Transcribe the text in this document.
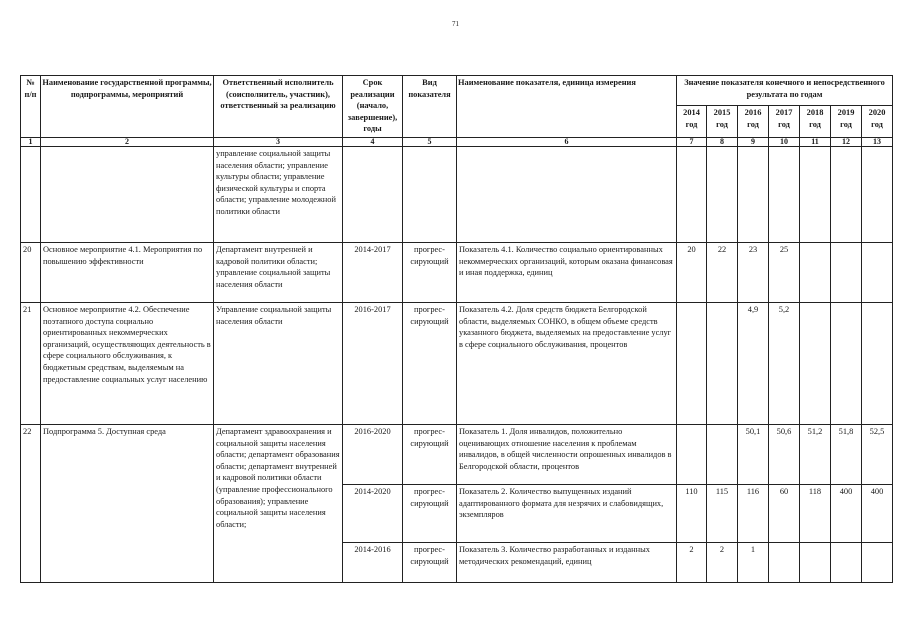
71
№ п/п	Наименование государственной программы, подпрограммы, мероприятий	Ответственный исполнитель (соисполнитель, участник), ответственный за реализацию	Срок реализации (начало, завершение), годы	Вид показателя	Наименование показателя, единица измерения	Значение показателя конечного и непосредственного результата по годам						
						2014 год	2015 год	2016 год	2017 год	2018 год	2019 год	2020 год
1	2	3	4	5	6	7	8	9	10	11	12	13
		управление социальной защиты населения области; управление культуры области; управление физической культуры и спорта области; управление молодежной политики области										
20	Основное мероприятие 4.1. Мероприятия по повышению эффективности	Департамент внутренней и кадровой политики области; управление социальной защиты населения области	2014-2017	прогрес- сирующий	Показатель 4.1. Количество социально ориентированных некоммерческих организаций, которым оказана финансовая и иная поддержка, единиц	20	22	23	25			
21	Основное мероприятие 4.2. Обеспечение поэтапного доступа социально ориентированных некоммерческих организаций, осуществляющих деятельность в сфере социального обслуживания, к бюджетным средствам, выделяемым на предоставление социальных услуг населению	Управление социальной защиты населения области	2016-2017	прогрес- сирующий	Показатель 4.2. Доля средств бюджета Белгородской области, выделяемых СОНКО, в общем объеме средств указанного бюджета, выделяемых на предоставление услуг в сфере социального обслуживания, процентов			4,9	5,2			
22	Подпрограмма 5. Доступная среда	Департамент здравоохранения и социальной защиты населения области; департамент образования области; департамент внутренней и кадровой политики области (управление профессионального образования); управление социальной защиты населения области;	2016-2020	прогрес- сирующий	Показатель 1. Доля инвалидов, положительно оценивающих отношение населения к проблемам инвалидов, в общей численности опрошенных инвалидов в Белгородской области, процентов			50,1	50,6	51,2	51,8	52,5
			2014-2020	прогрес- сирующий	Показатель 2. Количество выпущенных изданий адаптированного формата для незрячих и слабовидящих, экземпляров	110	115	116	60	118	400	400
			2014-2016	прогрес- сирующий	Показатель 3. Количество разработанных и изданных методических рекомендаций, единиц	2	2	1				
